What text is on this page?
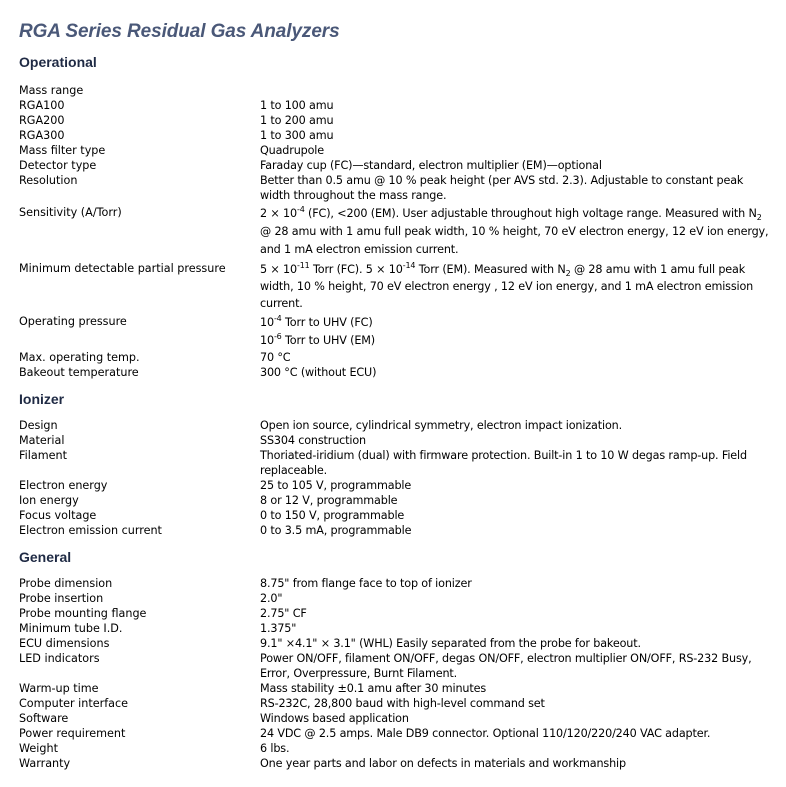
RGA Series Residual Gas Analyzers
Operational
Mass range	
RGA100	1 to 100 amu
RGA200	1 to 200 amu
RGA300	1 to 300 amu
Mass filter type	Quadrupole
Detector type	Faraday cup (FC)—standard, electron multiplier (EM)—optional
Resolution	Better than 0.5 amu @ 10 % peak height (per AVS std. 2.3). Adjustable to constant peak width throughout the mass range.
Sensitivity (A/Torr)	$2 \times 10^{-4}$ (FC), <200 (EM). User adjustable throughout high voltage range. Measured with $N_2$ @ 28 amu with 1 amu full peak width, 10 % height, 70 eV electron energy, 12 eV ion energy, and 1 mA electron emission current.
Minimum detectable partial pressure	$5 \times 10^{-11}$ Torr (FC). $5 \times 10^{-14}$ Torr (EM). Measured with $N_2$ @ 28 amu with 1 amu full peak width, 10 % height, 70 eV electron energy , 12 eV ion energy, and 1 mA electron emission current.
Operating pressure	$10^{-4}$ Torr to UHV (FC)
$10^{-6}$ Torr to UHV (EM)

Max. operating temp.	70 °C
Bakeout temperature	300 °C (without ECU)
Ionizer
Design	Open ion source, cylindrical symmetry, electron impact ionization.
Material	SS304 construction
Filament	Thoriated-iridium (dual) with firmware protection. Built-in 1 to 10 W degas ramp-up. Field replaceable.
Electron energy	25 to 105 V, programmable
Ion energy	8 or 12 V, programmable
Focus voltage	0 to 150 V, programmable
Electron emission current	0 to 3.5 mA, programmable
General
Probe dimension	8.75" from flange face to top of ionizer
Probe insertion	2.0"
Probe mounting flange	2.75" CF
Minimum tube I.D.	1.375"
ECU dimensions	9.1" ×4.1" × 3.1" (WHL) Easily separated from the probe for bakeout.
LED indicators	Power ON/OFF, filament ON/OFF, degas ON/OFF, electron multiplier ON/OFF, RS-232 Busy, Error, Overpressure, Burnt Filament.
Warm-up time	Mass stability ±0.1 amu after 30 minutes
Computer interface	RS-232C, 28,800 baud with high-level command set
Software	Windows based application
Power requirement	24 VDC @ 2.5 amps. Male DB9 connector. Optional 110/120/220/240 VAC adapter.
Weight	6 lbs.
Warranty	One year parts and labor on defects in materials and workmanship
